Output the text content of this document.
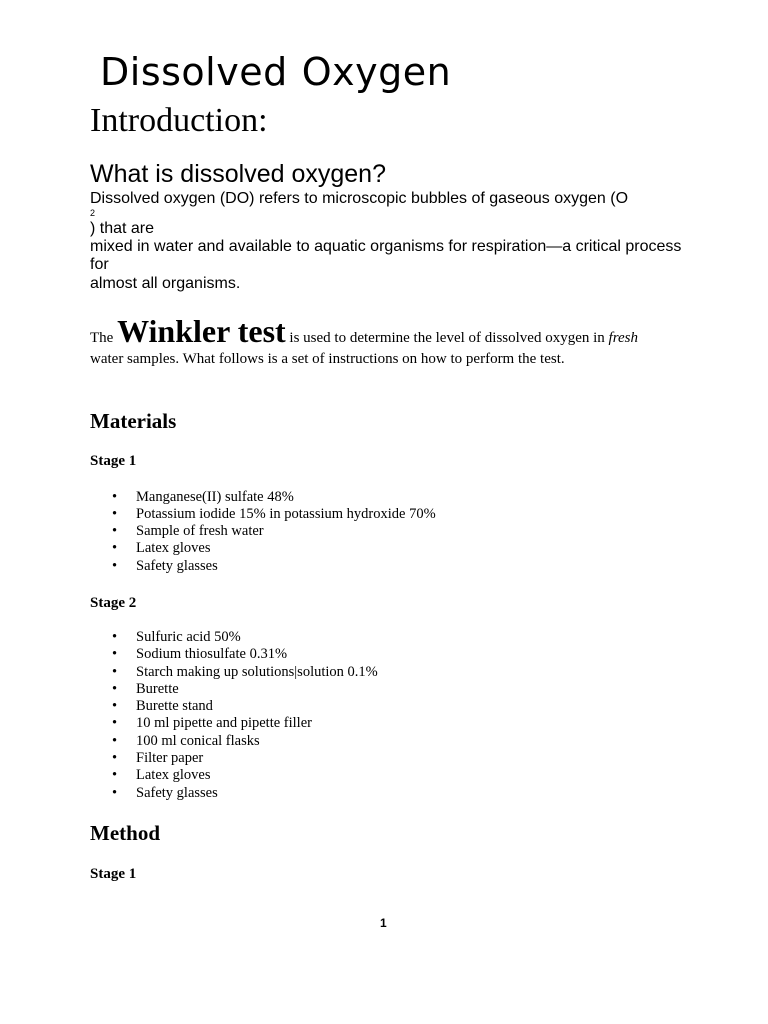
Dissolved Oxygen
Introduction:
What is dissolved oxygen?
Dissolved oxygen (DO) refers to microscopic bubbles of gaseous oxygen (O
2
) that are
mixed in water and available to aquatic organisms for respiration—a critical process
for
almost all organisms.
The Winkler test is used to determine the level of dissolved oxygen in fresh
water samples. What follows is a set of instructions on how to perform the test.
Materials
Stage 1
• Manganese(II) sulfate 48%
• Potassium iodide 15% in potassium hydroxide 70%
• Sample of fresh water
• Latex gloves
• Safety glasses
Stage 2
• Sulfuric acid 50%
• Sodium thiosulfate 0.31%
• Starch making up solutions|solution 0.1%
• Burette
• Burette stand
• 10 ml pipette and pipette filler
• 100 ml conical flasks
• Filter paper
• Latex gloves
• Safety glasses
Method
Stage 1
1
